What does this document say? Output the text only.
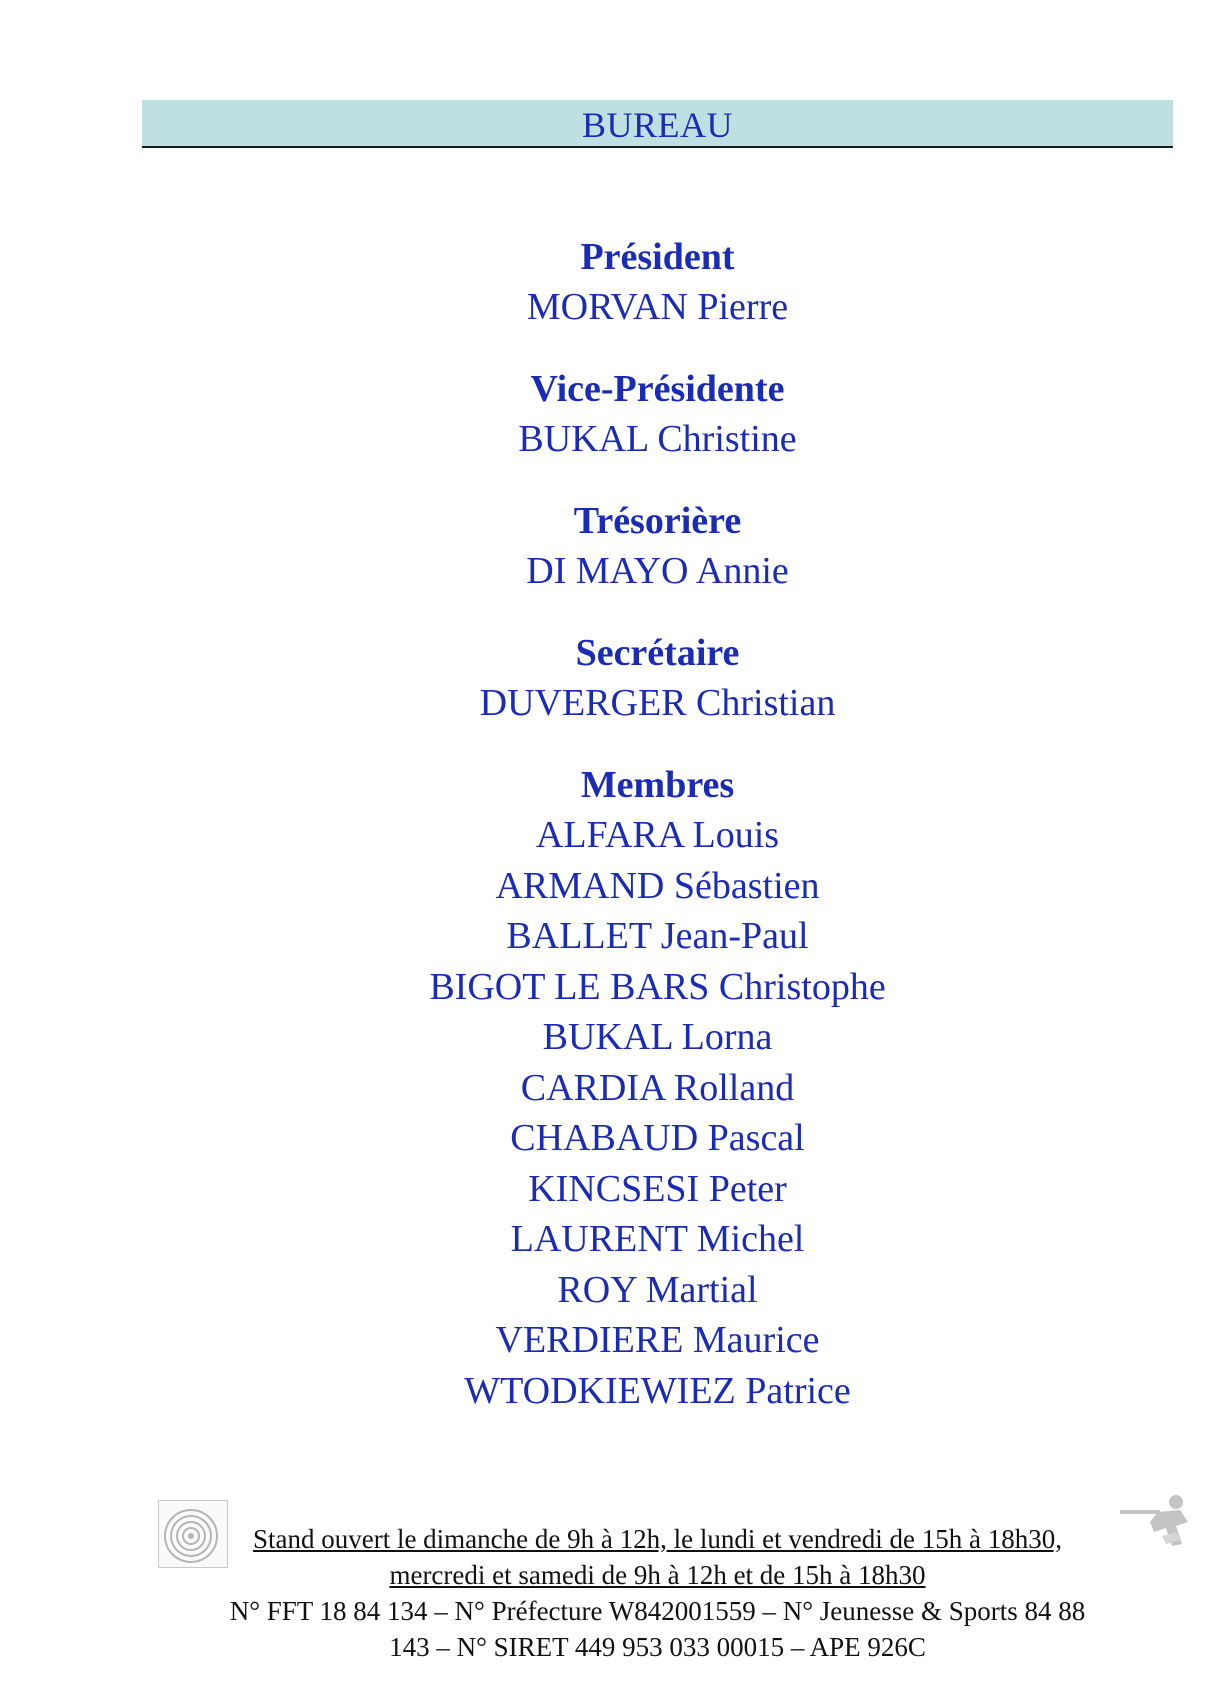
BUREAU
Président
MORVAN Pierre
Vice-Présidente
BUKAL Christine
Trésorière
DI MAYO Annie
Secrétaire
DUVERGER Christian
Membres
ALFARA Louis
ARMAND Sébastien
BALLET Jean-Paul
BIGOT LE BARS Christophe
BUKAL Lorna
CARDIA Rolland
CHABAUD Pascal
KINCSESI Peter
LAURENT Michel
ROY Martial
VERDIERE Maurice
WTODKIEWIEZ Patrice
Stand ouvert le dimanche de 9h à 12h, le lundi et vendredi de 15h à 18h30,
mercredi et samedi de 9h à 12h et de 15h à 18h30
N° FFT 18 84 134 – N° Préfecture W842001559 – N° Jeunesse & Sports 84 88
143 – N° SIRET 449 953 033 00015 – APE 926C
